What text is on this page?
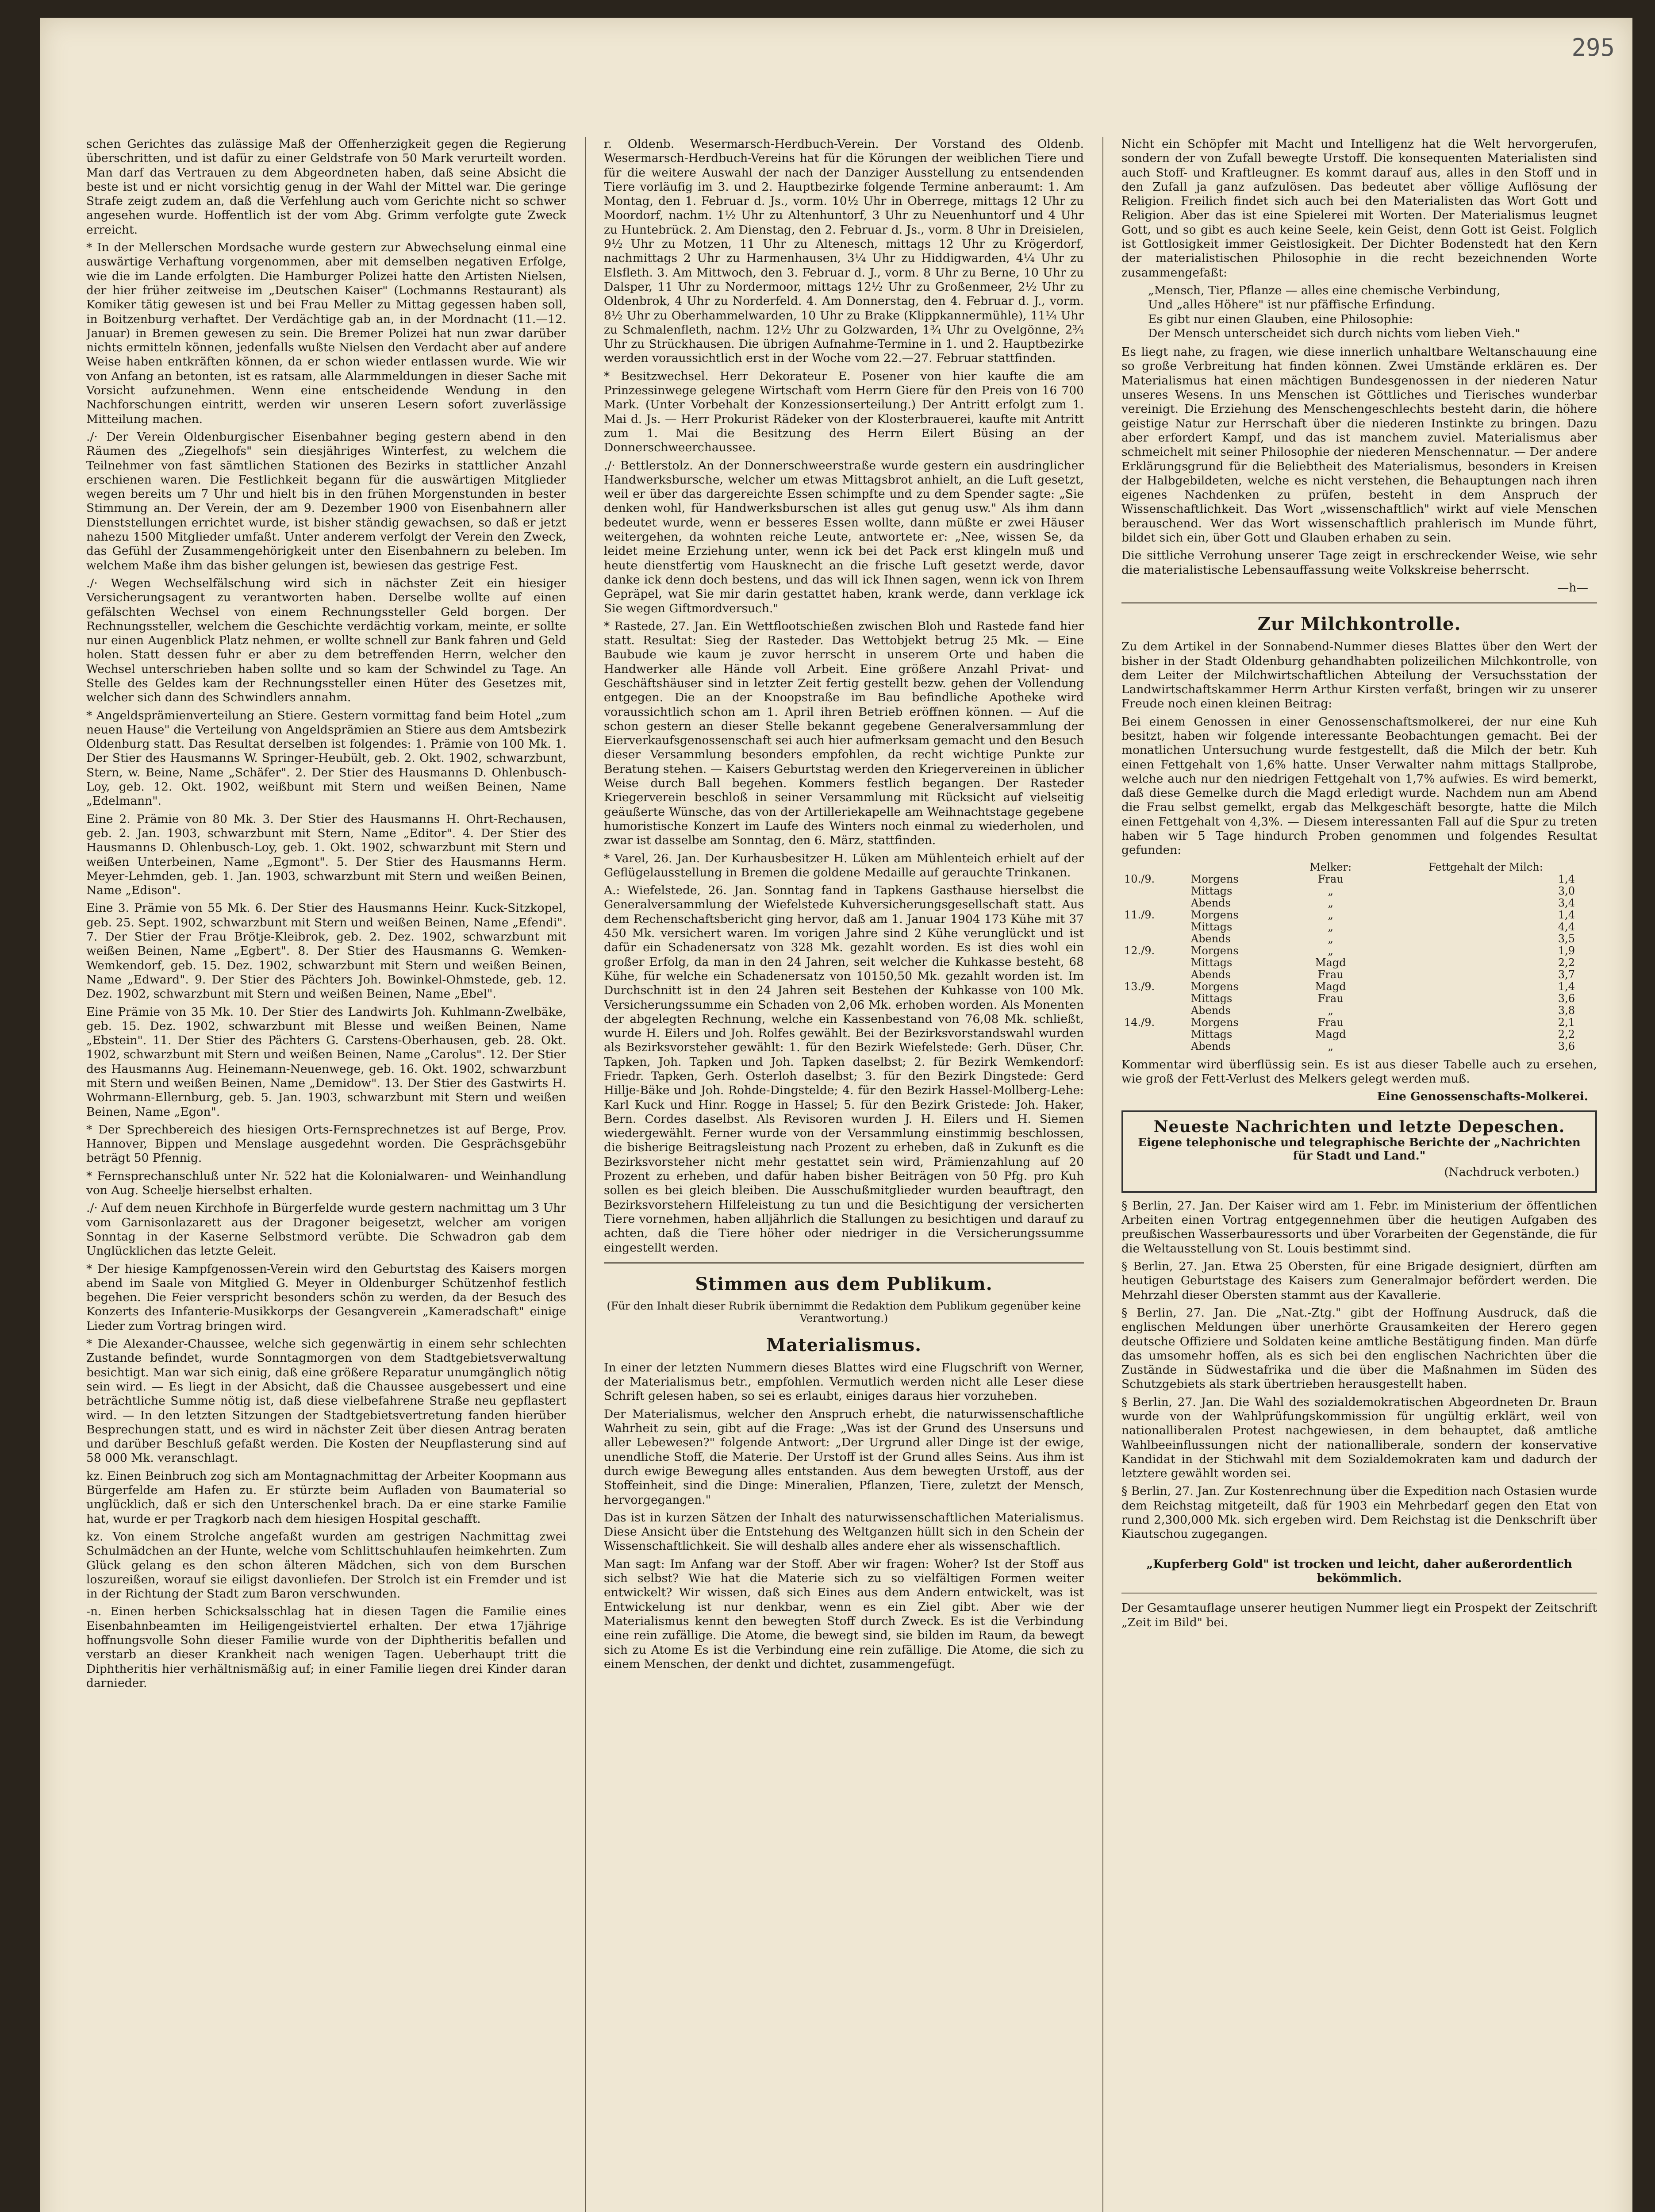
295

schen Gerichtes das zulässige Maß der Offenherzigkeit gegen die Regierung überschritten, und ist dafür zu einer Geldstrafe von 50 Mark verurteilt worden. Man darf das Vertrauen zu dem Abgeordneten haben, daß seine Absicht die beste ist und er nicht vorsichtig genug in der Wahl der Mittel war. Die geringe Strafe zeigt zudem an, daß die Verfehlung auch vom Gerichte nicht so schwer angesehen wurde. Hoffentlich ist der vom Abg. Grimm verfolgte gute Zweck erreicht.

* In der Mellerschen Mordsache wurde gestern zur Abwechselung einmal eine auswärtige Verhaftung vorgenommen, aber mit demselben negativen Erfolge, wie die im Lande erfolgten. Die Hamburger Polizei hatte den Artisten Nielsen, der hier früher zeitweise im „Deutschen Kaiser" (Lochmanns Restaurant) als Komiker tätig gewesen ist und bei Frau Meller zu Mittag gegessen haben soll, in Boitzenburg verhaftet. Der Verdächtige gab an, in der Mordnacht (11.—12. Januar) in Bremen gewesen zu sein. Die Bremer Polizei hat nun zwar darüber nichts ermitteln können, jedenfalls wußte Nielsen den Verdacht aber auf andere Weise haben entkräften können, da er schon wieder entlassen wurde. Wie wir von Anfang an betonten, ist es ratsam, alle Alarmmeldungen in dieser Sache mit Vorsicht aufzunehmen. Wenn eine entscheidende Wendung in den Nachforschungen eintritt, werden wir unseren Lesern sofort zuverlässige Mitteilung machen.

./· Der Verein Oldenburgischer Eisenbahner beging gestern abend in den Räumen des „Ziegelhofs" sein diesjähriges Winterfest, zu welchem die Teilnehmer von fast sämtlichen Stationen des Bezirks in stattlicher Anzahl erschienen waren. Die Festlichkeit begann für die auswärtigen Mitglieder wegen bereits um 7 Uhr und hielt bis in den frühen Morgenstunden in bester Stimmung an. Der Verein, der am 9. Dezember 1900 von Eisenbahnern aller Dienststellungen errichtet wurde, ist bisher ständig gewachsen, so daß er jetzt nahezu 1500 Mitglieder umfaßt. Unter anderem verfolgt der Verein den Zweck, das Gefühl der Zusammengehörigkeit unter den Eisenbahnern zu beleben. Im welchem Maße ihm das bisher gelungen ist, bewiesen das gestrige Fest.

./· Wegen Wechselfälschung wird sich in nächster Zeit ein hiesiger Versicherungsagent zu verantworten haben. Derselbe wollte auf einen gefälschten Wechsel von einem Rechnungssteller Geld borgen. Der Rechnungssteller, welchem die Geschichte verdächtig vorkam, meinte, er sollte nur einen Augenblick Platz nehmen, er wollte schnell zur Bank fahren und Geld holen. Statt dessen fuhr er aber zu dem betreffenden Herrn, welcher den Wechsel unterschrieben haben sollte und so kam der Schwindel zu Tage. An Stelle des Geldes kam der Rechnungssteller einen Hüter des Gesetzes mit, welcher sich dann des Schwindlers annahm.

* Angeldsprämienverteilung an Stiere. Gestern vormittag fand beim Hotel „zum neuen Hause" die Verteilung von Angeldsprämien an Stiere aus dem Amtsbezirk Oldenburg statt. Das Resultat derselben ist folgendes: 1. Prämie von 100 Mk. 1. Der Stier des Hausmanns W. Springer-Heubült, geb. 2. Okt. 1902, schwarzbunt, Stern, w. Beine, Name „Schäfer". 2. Der Stier des Hausmanns D. Ohlenbusch-Loy, geb. 12. Okt. 1902, weißbunt mit Stern und weißen Beinen, Name „Edelmann".

Eine 2. Prämie von 80 Mk. 3. Der Stier des Hausmanns H. Ohrt-Rechausen, geb. 2. Jan. 1903, schwarzbunt mit Stern, Name „Editor". 4. Der Stier des Hausmanns D. Ohlenbusch-Loy, geb. 1. Okt. 1902, schwarzbunt mit Stern und weißen Unterbeinen, Name „Egmont". 5. Der Stier des Hausmanns Herm. Meyer-Lehmden, geb. 1. Jan. 1903, schwarzbunt mit Stern und weißen Beinen, Name „Edison".

Eine 3. Prämie von 55 Mk. 6. Der Stier des Hausmanns Heinr. Kuck-Sitzkopel, geb. 25. Sept. 1902, schwarzbunt mit Stern und weißen Beinen, Name „Efendi". 7. Der Stier der Frau Brötje-Kleibrok, geb. 2. Dez. 1902, schwarzbunt mit weißen Beinen, Name „Egbert". 8. Der Stier des Hausmanns G. Wemken-Wemkendorf, geb. 15. Dez. 1902, schwarzbunt mit Stern und weißen Beinen, Name „Edward". 9. Der Stier des Pächters Joh. Bowinkel-Ohmstede, geb. 12. Dez. 1902, schwarzbunt mit Stern und weißen Beinen, Name „Ebel".

Eine Prämie von 35 Mk. 10. Der Stier des Landwirts Joh. Kuhlmann-Zwelbäke, geb. 15. Dez. 1902, schwarzbunt mit Blesse und weißen Beinen, Name „Ebstein". 11. Der Stier des Pächters G. Carstens-Oberhausen, geb. 28. Okt. 1902, schwarzbunt mit Stern und weißen Beinen, Name „Carolus". 12. Der Stier des Hausmanns Aug. Heinemann-Neuenwege, geb. 16. Okt. 1902, schwarzbunt mit Stern und weißen Beinen, Name „Demidow". 13. Der Stier des Gastwirts H. Wohrmann-Ellernburg, geb. 5. Jan. 1903, schwarzbunt mit Stern und weißen Beinen, Name „Egon".

* Der Sprechbereich des hiesigen Orts-Fernsprechnetzes ist auf Berge, Prov. Hannover, Bippen und Menslage ausgedehnt worden. Die Gesprächsgebühr beträgt 50 Pfennig.

* Fernsprechanschluß unter Nr. 522 hat die Kolonialwaren- und Weinhandlung von Aug. Scheelje hierselbst erhalten.

./· Auf dem neuen Kirchhofe in Bürgerfelde wurde gestern nachmittag um 3 Uhr vom Garnisonlazarett aus der Dragoner beigesetzt, welcher am vorigen Sonntag in der Kaserne Selbstmord verübte. Die Schwadron gab dem Unglücklichen das letzte Geleit.

* Der hiesige Kampfgenossen-Verein wird den Geburtstag des Kaisers morgen abend im Saale von Mitglied G. Meyer in Oldenburger Schützenhof festlich begehen. Die Feier verspricht besonders schön zu werden, da der Besuch des Konzerts des Infanterie-Musikkorps der Gesangverein „Kameradschaft" einige Lieder zum Vortrag bringen wird.

* Die Alexander-Chaussee, welche sich gegenwärtig in einem sehr schlechten Zustande befindet, wurde Sonntagmorgen von dem Stadtgebietsverwaltung besichtigt. Man war sich einig, daß eine größere Reparatur unumgänglich nötig sein wird. — Es liegt in der Absicht, daß die Chaussee ausgebessert und eine beträchtliche Summe nötig ist, daß diese vielbefahrene Straße neu gepflastert wird. — In den letzten Sitzungen der Stadtgebietsvertretung fanden hierüber Besprechungen statt, und es wird in nächster Zeit über diesen Antrag beraten und darüber Beschluß gefaßt werden. Die Kosten der Neupflasterung sind auf 58 000 Mk. veranschlagt.

kz. Einen Beinbruch zog sich am Montagnachmittag der Arbeiter Koopmann aus Bürgerfelde am Hafen zu. Er stürzte beim Aufladen von Baumaterial so unglücklich, daß er sich den Unterschenkel brach. Da er eine starke Familie hat, wurde er per Tragkorb nach dem hiesigen Hospital geschafft.

kz. Von einem Strolche angefaßt wurden am gestrigen Nachmittag zwei Schulmädchen an der Hunte, welche vom Schlittschuhlaufen heimkehrten. Zum Glück gelang es den schon älteren Mädchen, sich von dem Burschen loszureißen, worauf sie eiligst davonliefen. Der Strolch ist ein Fremder und ist in der Richtung der Stadt zum Baron verschwunden.

-n. Einen herben Schicksalsschlag hat in diesen Tagen die Familie eines Eisenbahnbeamten im Heiligengeistviertel erhalten. Der etwa 17jährige hoffnungsvolle Sohn dieser Familie wurde von der Diphtheritis befallen und verstarb an dieser Krankheit nach wenigen Tagen. Ueberhaupt tritt die Diphtheritis hier verhältnismäßig auf; in einer Familie liegen drei Kinder daran darnieder.

r. Oldenb. Wesermarsch-Herdbuch-Verein. Der Vorstand des Oldenb. Wesermarsch-Herdbuch-Vereins hat für die Körungen der weiblichen Tiere und für die weitere Auswahl der nach der Danziger Ausstellung zu entsendenden Tiere vorläufig im 3. und 2. Hauptbezirke folgende Termine anberaumt: 1. Am Montag, den 1. Februar d. Js., vorm. 10½ Uhr in Oberrege, mittags 12 Uhr zu Moordorf, nachm. 1½ Uhr zu Altenhuntorf, 3 Uhr zu Neuenhuntorf und 4 Uhr zu Huntebrück. 2. Am Dienstag, den 2. Februar d. Js., vorm. 8 Uhr in Dreisielen, 9½ Uhr zu Motzen, 11 Uhr zu Altenesch, mittags 12 Uhr zu Krögerdorf, nachmittags 2 Uhr zu Harmenhausen, 3¼ Uhr zu Hiddigwarden, 4¼ Uhr zu Elsfleth. 3. Am Mittwoch, den 3. Februar d. J., vorm. 8 Uhr zu Berne, 10 Uhr zu Dalsper, 11 Uhr zu Nordermoor, mittags 12½ Uhr zu Großenmeer, 2½ Uhr zu Oldenbrok, 4 Uhr zu Norderfeld. 4. Am Donnerstag, den 4. Februar d. J., vorm. 8½ Uhr zu Oberhammelwarden, 10 Uhr zu Brake (Klippkannermühle), 11¼ Uhr zu Schmalenfleth, nachm. 12½ Uhr zu Golzwarden, 1¾ Uhr zu Ovelgönne, 2¾ Uhr zu Strückhausen. Die übrigen Aufnahme-Termine in 1. und 2. Hauptbezirke werden voraussichtlich erst in der Woche vom 22.—27. Februar stattfinden.

* Besitzwechsel. Herr Dekorateur E. Posener von hier kaufte die am Prinzessinwege gelegene Wirtschaft vom Herrn Giere für den Preis von 16 700 Mark. (Unter Vorbehalt der Konzessionserteilung.) Der Antritt erfolgt zum 1. Mai d. Js. — Herr Prokurist Rädeker von der Klosterbrauerei, kaufte mit Antritt zum 1. Mai die Besitzung des Herrn Eilert Büsing an der Donnerschweerchaussee.

./· Bettlerstolz. An der Donnerschweerstraße wurde gestern ein ausdringlicher Handwerksbursche, welcher um etwas Mittagsbrot anhielt, an die Luft gesetzt, weil er über das dargereichte Essen schimpfte und zu dem Spender sagte: „Sie denken wohl, für Handwerksburschen ist alles gut genug usw." Als ihm dann bedeutet wurde, wenn er besseres Essen wollte, dann müßte er zwei Häuser weitergehen, da wohnten reiche Leute, antwortete er: „Nee, wissen Se, da leidet meine Erziehung unter, wenn ick bei det Pack erst klingeln muß und heute dienstfertig vom Hausknecht an die frische Luft gesetzt werde, davor danke ick denn doch bestens, und das will ick Ihnen sagen, wenn ick von Ihrem Gepräpel, wat Sie mir darin gestattet haben, krank werde, dann verklage ick Sie wegen Giftmordversuch."

* Rastede, 27. Jan. Ein Wettflootschießen zwischen Bloh und Rastede fand hier statt. Resultat: Sieg der Rasteder. Das Wettobjekt betrug 25 Mk. — Eine Baubude wie kaum je zuvor herrscht in unserem Orte und haben die Handwerker alle Hände voll Arbeit. Eine größere Anzahl Privat- und Geschäftshäuser sind in letzter Zeit fertig gestellt bezw. gehen der Vollendung entgegen. Die an der Knoopstraße im Bau befindliche Apotheke wird voraussichtlich schon am 1. April ihren Betrieb eröffnen können. — Auf die schon gestern an dieser Stelle bekannt gegebene Generalversammlung der Eierverkaufsgenossenschaft sei auch hier aufmerksam gemacht und den Besuch dieser Versammlung besonders empfohlen, da recht wichtige Punkte zur Beratung stehen. — Kaisers Geburtstag werden den Kriegervereinen in üblicher Weise durch Ball begehen. Kommers festlich begangen. Der Rasteder Kriegerverein beschloß in seiner Versammlung mit Rücksicht auf vielseitig geäußerte Wünsche, das von der Artilleriekapelle am Weihnachtstage gegebene humoristische Konzert im Laufe des Winters noch einmal zu wiederholen, und zwar ist dasselbe am Sonntag, den 6. März, stattfinden.

* Varel, 26. Jan. Der Kurhausbesitzer H. Lüken am Mühlenteich erhielt auf der Geflügelausstellung in Bremen die goldene Medaille auf gerauchte Trinkanen.

A.: Wiefelstede, 26. Jan. Sonntag fand in Tapkens Gasthause hierselbst die Generalversammlung der Wiefelstede Kuhversicherungsgesellschaft statt. Aus dem Rechenschaftsbericht ging hervor, daß am 1. Januar 1904 173 Kühe mit 37 450 Mk. versichert waren. Im vorigen Jahre sind 2 Kühe verunglückt und ist dafür ein Schadenersatz von 328 Mk. gezahlt worden. Es ist dies wohl ein großer Erfolg, da man in den 24 Jahren, seit welcher die Kuhkasse besteht, 68 Kühe, für welche ein Schadenersatz von 10150,50 Mk. gezahlt worden ist. Im Durchschnitt ist in den 24 Jahren seit Bestehen der Kuhkasse von 100 Mk. Versicherungssumme ein Schaden von 2,06 Mk. erhoben worden. Als Monenten der abgelegten Rechnung, welche ein Kassenbestand von 76,08 Mk. schließt, wurde H. Eilers und Joh. Rolfes gewählt. Bei der Bezirksvorstandswahl wurden als Bezirksvorsteher gewählt: 1. für den Bezirk Wiefelstede: Gerh. Düser, Chr. Tapken, Joh. Tapken und Joh. Tapken daselbst; 2. für Bezirk Wemkendorf: Friedr. Tapken, Gerh. Osterloh daselbst; 3. für den Bezirk Dingstede: Gerd Hillje-Bäke und Joh. Rohde-Dingstelde; 4. für den Bezirk Hassel-Mollberg-Lehe: Karl Kuck und Hinr. Rogge in Hassel; 5. für den Bezirk Gristede: Joh. Haker, Bern. Cordes daselbst. Als Revisoren wurden J. H. Eilers und H. Siemen wiedergewählt. Ferner wurde von der Versammlung einstimmig beschlossen, die bisherige Beitragsleistung nach Prozent zu erheben, daß in Zukunft es die Bezirksvorsteher nicht mehr gestattet sein wird, Prämienzahlung auf 20 Prozent zu erheben, und dafür haben bisher Beiträgen von 50 Pfg. pro Kuh sollen es bei gleich bleiben. Die Ausschußmitglieder wurden beauftragt, den Bezirksvorstehern Hilfeleistung zu tun und die Besichtigung der versicherten Tiere vornehmen, haben alljährlich die Stallungen zu besichtigen und darauf zu achten, daß die Tiere höher oder niedriger in die Versicherungssumme eingestellt werden.

Stimmen aus dem Publikum.
(Für den Inhalt dieser Rubrik übernimmt die Redaktion dem Publikum gegenüber keine Verantwortung.)
Materialismus.

In einer der letzten Nummern dieses Blattes wird eine Flugschrift von Werner, der Materialismus betr., empfohlen. Vermutlich werden nicht alle Leser diese Schrift gelesen haben, so sei es erlaubt, einiges daraus hier vorzuheben.

Der Materialismus, welcher den Anspruch erhebt, die naturwissenschaftliche Wahrheit zu sein, gibt auf die Frage: „Was ist der Grund des Unsersuns und aller Lebewesen?" folgende Antwort: „Der Urgrund aller Dinge ist der ewige, unendliche Stoff, die Materie. Der Urstoff ist der Grund alles Seins. Aus ihm ist durch ewige Bewegung alles entstanden. Aus dem bewegten Urstoff, aus der Stoffeinheit, sind die Dinge: Mineralien, Pflanzen, Tiere, zuletzt der Mensch, hervorgegangen."

Das ist in kurzen Sätzen der Inhalt des naturwissenschaftlichen Materialismus. Diese Ansicht über die Entstehung des Weltganzen hüllt sich in den Schein der Wissenschaftlichkeit. Sie will deshalb alles andere eher als wissenschaftlich.

Man sagt: Im Anfang war der Stoff. Aber wir fragen: Woher? Ist der Stoff aus sich selbst? Wie hat die Materie sich zu so vielfältigen Formen weiter entwickelt? Wir wissen, daß sich Eines aus dem Andern entwickelt, was ist Entwickelung ist nur denkbar, wenn es ein Ziel gibt. Aber wie der Materialismus kennt den bewegten Stoff durch Zweck. Es ist die Verbindung eine rein zufällige. Die Atome, die bewegt sind, sie bilden im Raum, da bewegt sich zu Atome Es ist die Verbindung eine rein zufällige. Die Atome, die sich zu einem Menschen, der denkt und dichtet, zusammengefügt.

Nicht ein Schöpfer mit Macht und Intelligenz hat die Welt hervorgerufen, sondern der von Zufall bewegte Urstoff. Die konsequenten Materialisten sind auch Stoff- und Kraftleugner. Es kommt darauf aus, alles in den Stoff und in den Zufall ja ganz aufzulösen. Das bedeutet aber völlige Auflösung der Religion. Freilich findet sich auch bei den Materialisten das Wort Gott und Religion. Aber das ist eine Spielerei mit Worten. Der Materialismus leugnet Gott, und so gibt es auch keine Seele, kein Geist, denn Gott ist Geist. Folglich ist Gottlosigkeit immer Geistlosigkeit. Der Dichter Bodenstedt hat den Kern der materialistischen Philosophie in die recht bezeichnenden Worte zusammengefaßt:

„Mensch, Tier, Pflanze — alles eine chemische Verbindung,
Und „alles Höhere" ist nur pfäffische Erfindung.
Es gibt nur einen Glauben, eine Philosophie:
Der Mensch unterscheidet sich durch nichts vom lieben Vieh."

Es liegt nahe, zu fragen, wie diese innerlich unhaltbare Weltanschauung eine so große Verbreitung hat finden können. Zwei Umstände erklären es. Der Materialismus hat einen mächtigen Bundesgenossen in der niederen Natur unseres Wesens. In uns Menschen ist Göttliches und Tierisches wunderbar vereinigt. Die Erziehung des Menschengeschlechts besteht darin, die höhere geistige Natur zur Herrschaft über die niederen Instinkte zu bringen. Dazu aber erfordert Kampf, und das ist manchem zuviel. Materialismus aber schmeichelt mit seiner Philosophie der niederen Menschennatur. — Der andere Erklärungsgrund für die Beliebtheit des Materialismus, besonders in Kreisen der Halbgebildeten, welche es nicht verstehen, die Behauptungen nach ihren eigenes Nachdenken zu prüfen, besteht in dem Anspruch der Wissenschaftlichkeit. Das Wort „wissenschaftlich" wirkt auf viele Menschen berauschend. Wer das Wort wissenschaftlich prahlerisch im Munde führt, bildet sich ein, über Gott und Glauben erhaben zu sein.

Die sittliche Verrohung unserer Tage zeigt in erschreckender Weise, wie sehr die materialistische Lebensauffassung weite Volkskreise beherrscht.

—h—
Zur Milchkontrolle.

Zu dem Artikel in der Sonnabend-Nummer dieses Blattes über den Wert der bisher in der Stadt Oldenburg gehandhabten polizeilichen Milchkontrolle, von dem Leiter der Milchwirtschaftlichen Abteilung der Versuchsstation der Landwirtschaftskammer Herrn Arthur Kirsten verfaßt, bringen wir zu unserer Freude noch einen kleinen Beitrag:

Bei einem Genossen in einer Genossenschaftsmolkerei, der nur eine Kuh besitzt, haben wir folgende interessante Beobachtungen gemacht. Bei der monatlichen Untersuchung wurde festgestellt, daß die Milch der betr. Kuh einen Fettgehalt von 1,6% hatte. Unser Verwalter nahm mittags Stallprobe, welche auch nur den niedrigen Fettgehalt von 1,7% aufwies. Es wird bemerkt, daß diese Gemelke durch die Magd erledigt wurde. Nachdem nun am Abend die Frau selbst gemelkt, ergab das Melkgeschäft besorgte, hatte die Milch einen Fettgehalt von 4,3%. — Diesem interessanten Fall auf die Spur zu treten haben wir 5 Tage hindurch Proben genommen und folgendes Resultat gefunden:

		Melker:	Fettgehalt der Milch:
10./9.	Morgens	Frau	1,4
	Mittags	„	3,0
	Abends	„	3,4
11./9.	Morgens	„	1,4
	Mittags	„	4,4
	Abends	„	3,5
12./9.	Morgens	„	1,9
	Mittags	Magd	2,2
	Abends	Frau	3,7
13./9.	Morgens	Magd	1,4
	Mittags	Frau	3,6
	Abends	„	3,8
14./9.	Morgens	Frau	2,1
	Mittags	Magd	2,2
	Abends	„	3,6

Kommentar wird überflüssig sein. Es ist aus dieser Tabelle auch zu ersehen, wie groß der Fett-Verlust des Melkers gelegt werden muß.

Eine Genossenschafts-Molkerei.
Neueste Nachrichten und letzte Depeschen.
Eigene telephonische und telegraphische Berichte der „Nachrichten für Stadt und Land."
(Nachdruck verboten.)

§ Berlin, 27. Jan. Der Kaiser wird am 1. Febr. im Ministerium der öffentlichen Arbeiten einen Vortrag entgegennehmen über die heutigen Aufgaben des preußischen Wasserbauressorts und über Vorarbeiten der Gegenstände, die für die Weltausstellung von St. Louis bestimmt sind.

§ Berlin, 27. Jan. Etwa 25 Obersten, für eine Brigade designiert, dürften am heutigen Geburtstage des Kaisers zum Generalmajor befördert werden. Die Mehrzahl dieser Obersten stammt aus der Kavallerie.

§ Berlin, 27. Jan. Die „Nat.-Ztg." gibt der Hoffnung Ausdruck, daß die englischen Meldungen über unerhörte Grausamkeiten der Herero gegen deutsche Offiziere und Soldaten keine amtliche Bestätigung finden. Man dürfe das umsomehr hoffen, als es sich bei den englischen Nachrichten über die Zustände in Südwestafrika und die über die Maßnahmen im Süden des Schutzgebiets als stark übertrieben herausgestellt haben.

§ Berlin, 27. Jan. Die Wahl des sozialdemokratischen Abgeordneten Dr. Braun wurde von der Wahlprüfungskommission für ungültig erklärt, weil von nationalliberalen Protest nachgewiesen, in dem behauptet, daß amtliche Wahlbeeinflussungen nicht der nationalliberale, sondern der konservative Kandidat in der Stichwahl mit dem Sozialdemokraten kam und dadurch der letztere gewählt worden sei.

§ Berlin, 27. Jan. Zur Kostenrechnung über die Expedition nach Ostasien wurde dem Reichstag mitgeteilt, daß für 1903 ein Mehrbedarf gegen den Etat von rund 2,300,000 Mk. sich ergeben wird. Dem Reichstag ist die Denkschrift über Kiautschou zugegangen.

„Kupferberg Gold" ist trocken und leicht, daher außerordentlich bekömmlich.

Der Gesamtauflage unserer heutigen Nummer liegt ein Prospekt der Zeitschrift „Zeit im Bild" bei.
